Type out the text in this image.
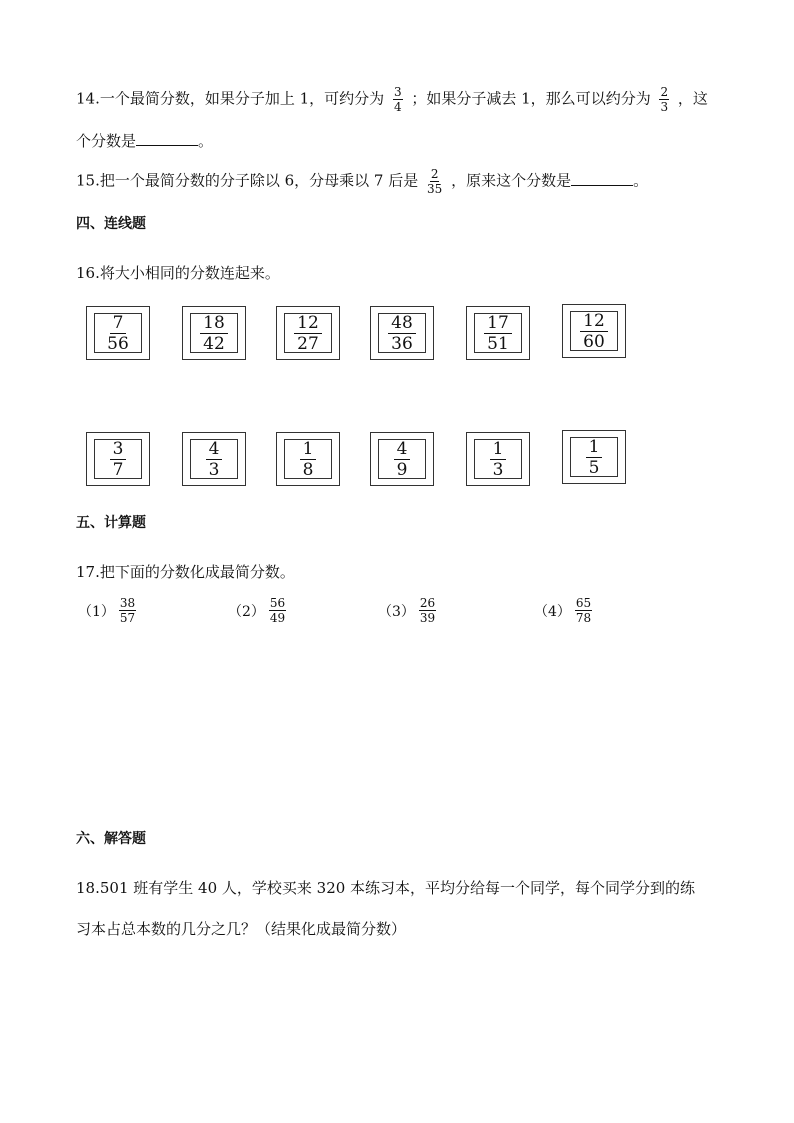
14.一个最简分数，如果分子加上 1，可约分为 $\frac{3}{4}$ ；如果分子减去 1，那么可以约分为 $\frac{2}{3}$ ，这
个分数是	。
15.把一个最简分数的分子除以 6，分母乘以 7 后是 $\frac{2}{35}$ ，原来这个分数是	。
四、连线题
16.将大小相同的分数连起来。
$\frac{7}{56}$	$\frac{18}{42}$	$\frac{12}{27}$	$\frac{48}{36}$	$\frac{17}{51}$	$\frac{12}{60}$
$\frac{3}{7}$	$\frac{4}{3}$	$\frac{1}{8}$	$\frac{4}{9}$	$\frac{1}{3}$	$\frac{1}{5}$
五、计算题
17.把下面的分数化成最简分数。
$(1) \frac{38}{57}$	$(2) \frac{56}{49}$	$(3) \frac{26}{39}$	$(4) \frac{65}{78}$
六、解答题
18.501 班有学生 40 人，学校买来 320 本练习本，平均分给每一个同学，每个同学分到的练
习本占总本数的几分之几？（结果化成最简分数）
